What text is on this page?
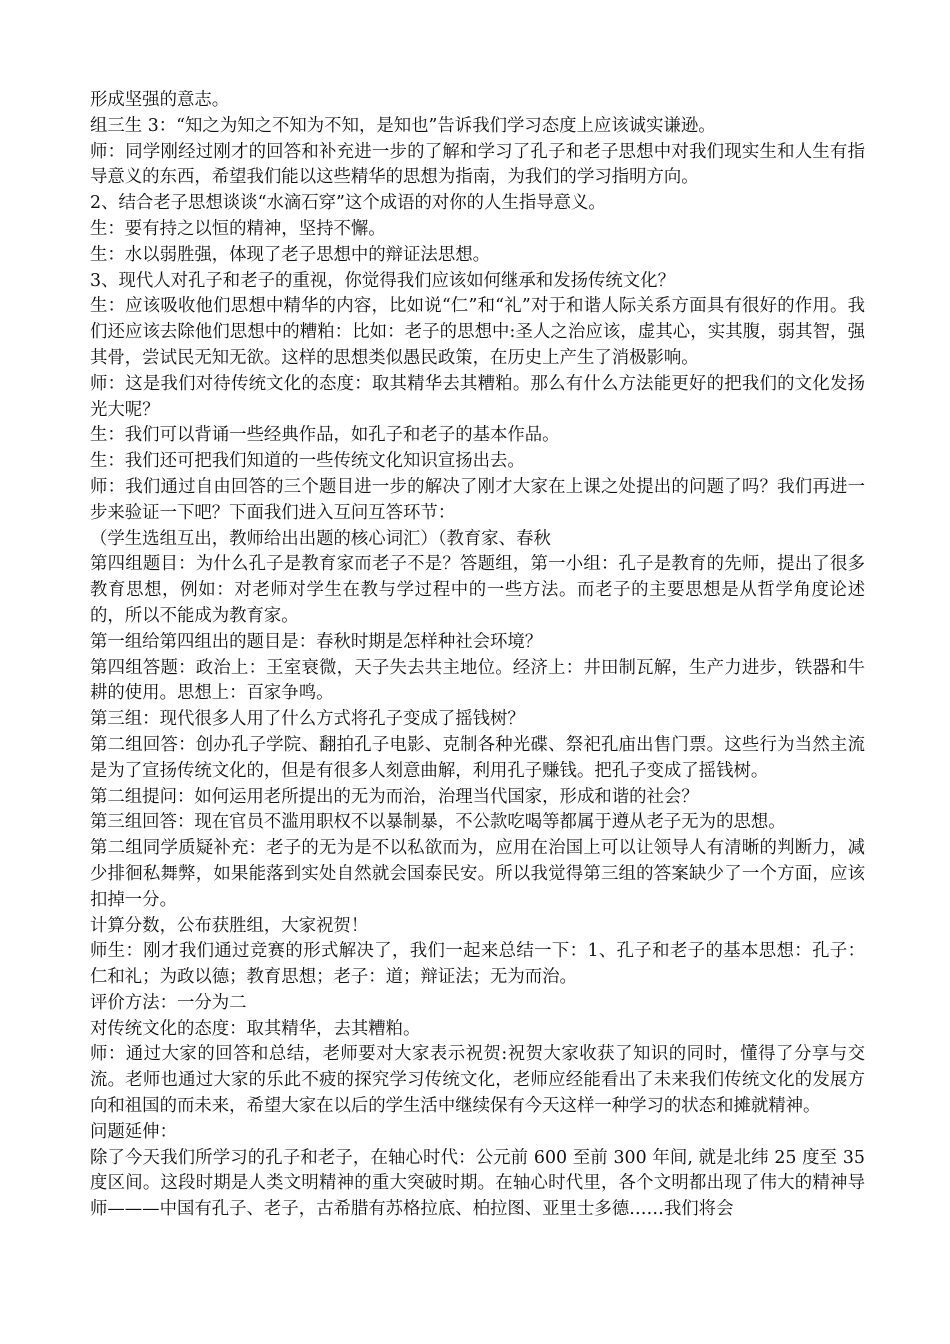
形成坚强的意志。

组三生 3：“知之为知之不知为不知，是知也”告诉我们学习态度上应该诚实谦逊。

师：同学刚经过刚才的回答和补充进一步的了解和学习了孔子和老子思想中对我们现实生和人生有指导意义的东西，希望我们能以这些精华的思想为指南，为我们的学习指明方向。

2、结合老子思想谈谈“水滴石穿”这个成语的对你的人生指导意义。

生：要有持之以恒的精神，坚持不懈。

生：水以弱胜强，体现了老子思想中的辩证法思想。

3、现代人对孔子和老子的重视，你觉得我们应该如何继承和发扬传统文化？

生：应该吸收他们思想中精华的内容，比如说“仁”和“礼”对于和谐人际关系方面具有很好的作用。我们还应该去除他们思想中的糟粕：比如：老子的思想中:圣人之治应该，虚其心，实其腹，弱其智，强其骨，尝试民无知无欲。这样的思想类似愚民政策，在历史上产生了消极影响。

师：这是我们对待传统文化的态度：取其精华去其糟粕。那么有什么方法能更好的把我们的文化发扬光大呢？

生：我们可以背诵一些经典作品，如孔子和老子的基本作品。

生：我们还可把我们知道的一些传统文化知识宣扬出去。

师：我们通过自由回答的三个题目进一步的解决了刚才大家在上课之处提出的问题了吗？我们再进一步来验证一下吧？下面我们进入互问互答环节：

（学生选组互出，教师给出出题的核心词汇）（教育家、春秋

第四组题目：为什么孔子是教育家而老子不是？答题组，第一小组：孔子是教育的先师，提出了很多教育思想，例如：对老师对学生在教与学过程中的一些方法。而老子的主要思想是从哲学角度论述的，所以不能成为教育家。

第一组给第四组出的题目是：春秋时期是怎样种社会环境？

第四组答题：政治上：王室衰微，天子失去共主地位。经济上：井田制瓦解，生产力进步，铁器和牛耕的使用。思想上：百家争鸣。

第三组：现代很多人用了什么方式将孔子变成了摇钱树？

第二组回答：创办孔子学院、翻拍孔子电影、克制各种光碟、祭祀孔庙出售门票。这些行为当然主流是为了宣扬传统文化的，但是有很多人刻意曲解，利用孔子赚钱。把孔子变成了摇钱树。

第二组提问：如何运用老所提出的无为而治，治理当代国家，形成和谐的社会？

第三组回答：现在官员不滥用职权不以暴制暴，不公款吃喝等都属于遵从老子无为的思想。

第二组同学质疑补充：老子的无为是不以私欲而为，应用在治国上可以让领导人有清晰的判断力，减少排徊私舞弊，如果能落到实处自然就会国泰民安。所以我觉得第三组的答案缺少了一个方面，应该扣掉一分。

计算分数，公布获胜组，大家祝贺！

师生：刚才我们通过竞赛的形式解决了，我们一起来总结一下：1、孔子和老子的基本思想：孔子：仁和礼；为政以德；教育思想；老子：道；辩证法；无为而治。

评价方法：一分为二

对传统文化的态度：取其精华，去其糟粕。

师：通过大家的回答和总结，老师要对大家表示祝贺:祝贺大家收获了知识的同时，懂得了分享与交流。老师也通过大家的乐此不疲的探究学习传统文化，老师应经能看出了未来我们传统文化的发展方向和祖国的而未来，希望大家在以后的学生活中继续保有今天这样一种学习的状态和摊就精神。

问题延伸：

除了今天我们所学习的孔子和老子，在轴心时代：公元前 600 至前 300 年间, 就是北纬 25 度至 35 度区间。这段时期是人类文明精神的重大突破时期。在轴心时代里，各个文明都出现了伟大的精神导师———中国有孔子、老子，古希腊有苏格拉底、柏拉图、亚里士多德……我们将会
